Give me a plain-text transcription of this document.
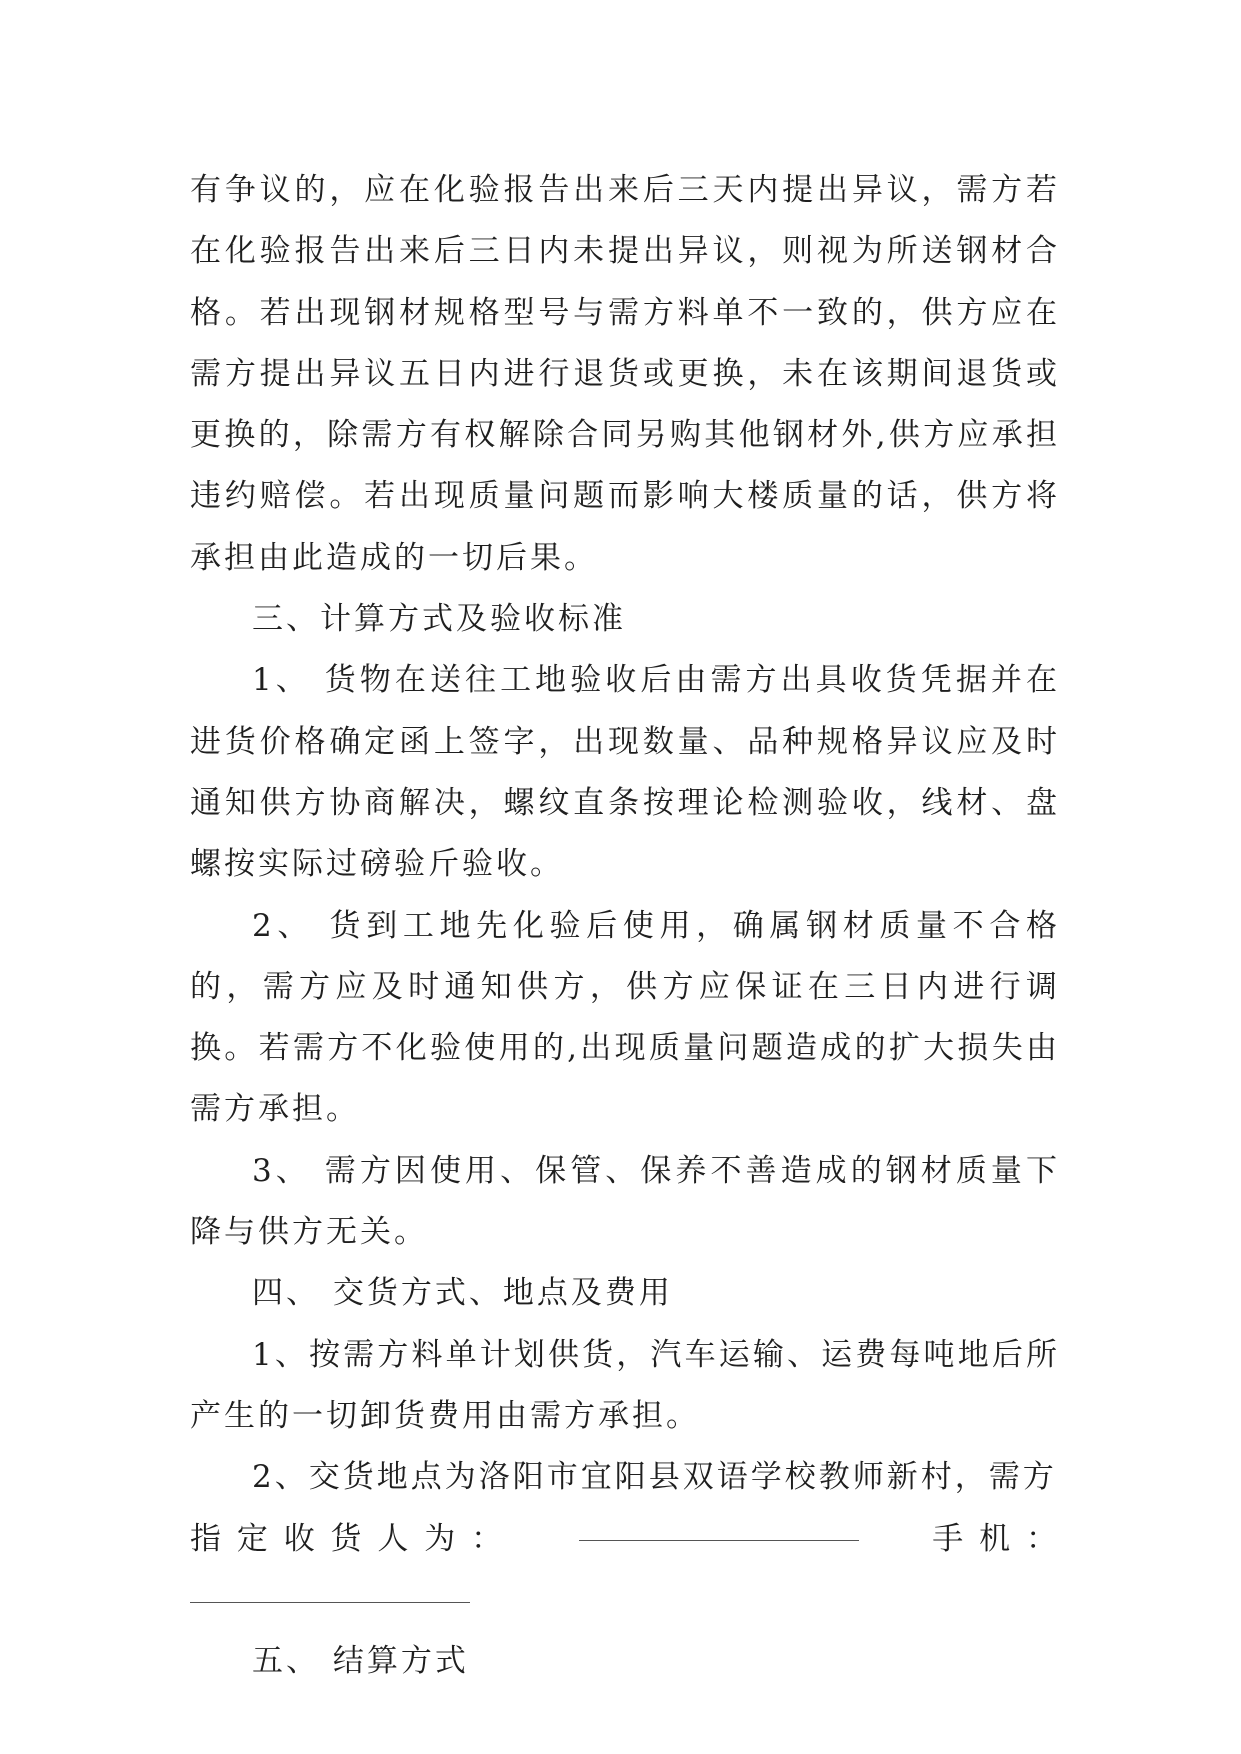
有争议的，应在化验报告出来后三天内提出异议，需方若在化验报告出来后三日内未提出异议，则视为所送钢材合格。若出现钢材规格型号与需方料单不一致的，供方应在需方提出异议五日内进行退货或更换，未在该期间退货或更换的，除需方有权解除合同另购其他钢材外,供方应承担违约赔偿。若出现质量问题而影响大楼质量的话，供方将承担由此造成的一切后果。

三、计算方式及验收标准

1、 货物在送往工地验收后由需方出具收货凭据并在进货价格确定函上签字，出现数量、品种规格异议应及时通知供方协商解决，螺纹直条按理论检测验收，线材、盘螺按实际过磅验斤验收。

2、 货到工地先化验后使用，确属钢材质量不合格的，需方应及时通知供方，供方应保证在三日内进行调换。若需方不化验使用的,出现质量问题造成的扩大损失由需方承担。

3、 需方因使用、保管、保养不善造成的钢材质量下降与供方无关。

四、 交货方式、地点及费用

1、按需方料单计划供货，汽车运输、运费每吨地后所产生的一切卸货费用由需方承担。

2、交货地点为洛阳市宜阳县双语学校教师新村，需方

指 定 收 货 人 为 ：	手 机 ：

五、 结算方式
